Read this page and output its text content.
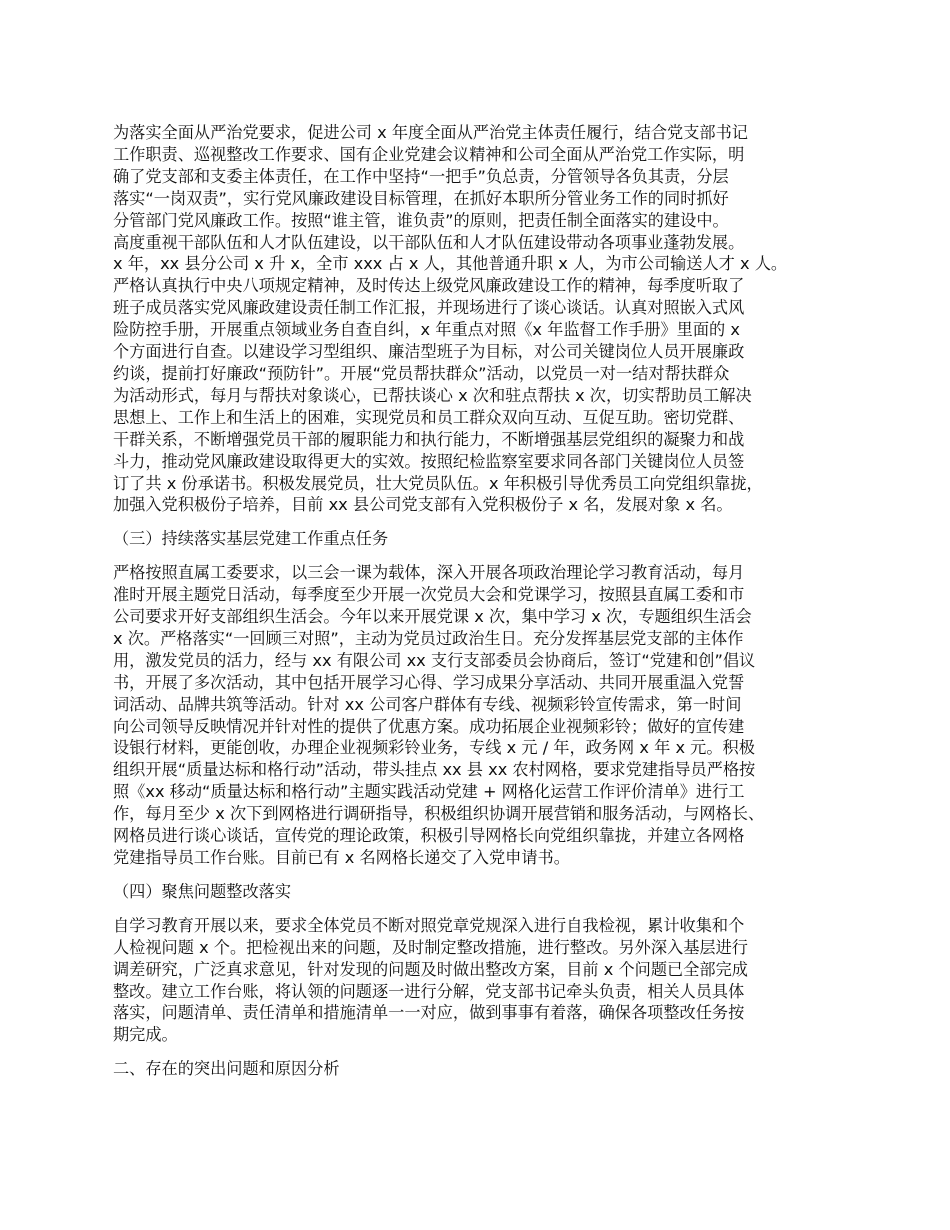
为落实全面从严治党要求，促进公司 x 年度全面从严治党主体责任履行，结合党支部书记
工作职责、巡视整改工作要求、国有企业党建会议精神和公司全面从严治党工作实际，明
确了党支部和支委主体责任，在工作中坚持“一把手”负总责，分管领导各负其责，分层
落实“一岗双责”，实行党风廉政建设目标管理，在抓好本职所分管业务工作的同时抓好
分管部门党风廉政工作。按照“谁主管，谁负责”的原则，把责任制全面落实的建设中。
高度重视干部队伍和人才队伍建设，以干部队伍和人才队伍建设带动各项事业蓬勃发展。
x 年，xx 县分公司 x 升 x，全市 xxx 占 x 人，其他普通升职 x 人，为市公司输送人才 x 人。
严格认真执行中央八项规定精神，及时传达上级党风廉政建设工作的精神，每季度听取了
班子成员落实党风廉政建设责任制工作汇报，并现场进行了谈心谈话。认真对照嵌入式风
险防控手册，开展重点领域业务自查自纠，x 年重点对照《x 年监督工作手册》里面的 x
个方面进行自查。以建设学习型组织、廉洁型班子为目标，对公司关键岗位人员开展廉政
约谈，提前打好廉政“预防针”。开展“党员帮扶群众”活动，以党员一对一结对帮扶群众
为活动形式，每月与帮扶对象谈心，已帮扶谈心 x 次和驻点帮扶 x 次，切实帮助员工解决
思想上、工作上和生活上的困难，实现党员和员工群众双向互动、互促互助。密切党群、
干群关系，不断增强党员干部的履职能力和执行能力，不断增强基层党组织的凝聚力和战
斗力，推动党风廉政建设取得更大的实效。按照纪检监察室要求同各部门关键岗位人员签
订了共 x 份承诺书。积极发展党员，壮大党员队伍。x 年积极引导优秀员工向党组织靠拢，
加强入党积极份子培养，目前 xx 县公司党支部有入党积极份子 x 名，发展对象 x 名。

（三）持续落实基层党建工作重点任务

严格按照直属工委要求，以三会一课为载体，深入开展各项政治理论学习教育活动，每月
准时开展主题党日活动，每季度至少开展一次党员大会和党课学习，按照县直属工委和市
公司要求开好支部组织生活会。今年以来开展党课 x 次，集中学习 x 次，专题组织生活会
x 次。严格落实“一回顾三对照”，主动为党员过政治生日。充分发挥基层党支部的主体作
用，激发党员的活力，经与 xx 有限公司 xx 支行支部委员会协商后，签订“党建和创”倡议
书，开展了多次活动，其中包括开展学习心得、学习成果分享活动、共同开展重温入党誓
词活动、品牌共筑等活动。针对 xx 公司客户群体有专线、视频彩铃宣传需求，第一时间
向公司领导反映情况并针对性的提供了优惠方案。成功拓展企业视频彩铃；做好的宣传建
设银行材料，更能创收，办理企业视频彩铃业务，专线 x 元 / 年，政务网 x 年 x 元。积极
组织开展“质量达标和格行动”活动，带头挂点 xx 县 xx 农村网格，要求党建指导员严格按
照《xx 移动“质量达标和格行动”主题实践活动党建 + 网格化运营工作评价清单》进行工
作，每月至少 x 次下到网格进行调研指导，积极组织协调开展营销和服务活动，与网格长、
网格员进行谈心谈话，宣传党的理论政策，积极引导网格长向党组织靠拢，并建立各网格
党建指导员工作台账。目前已有 x 名网格长递交了入党申请书。

（四）聚焦问题整改落实

自学习教育开展以来，要求全体党员不断对照党章党规深入进行自我检视，累计收集和个
人检视问题 x 个。把检视出来的问题，及时制定整改措施，进行整改。另外深入基层进行
调差研究，广泛真求意见，针对发现的问题及时做出整改方案，目前 x 个问题已全部完成
整改。建立工作台账，将认领的问题逐一进行分解，党支部书记牵头负责，相关人员具体
落实，问题清单、责任清单和措施清单一一对应，做到事事有着落，确保各项整改任务按
期完成。

二、存在的突出问题和原因分析
